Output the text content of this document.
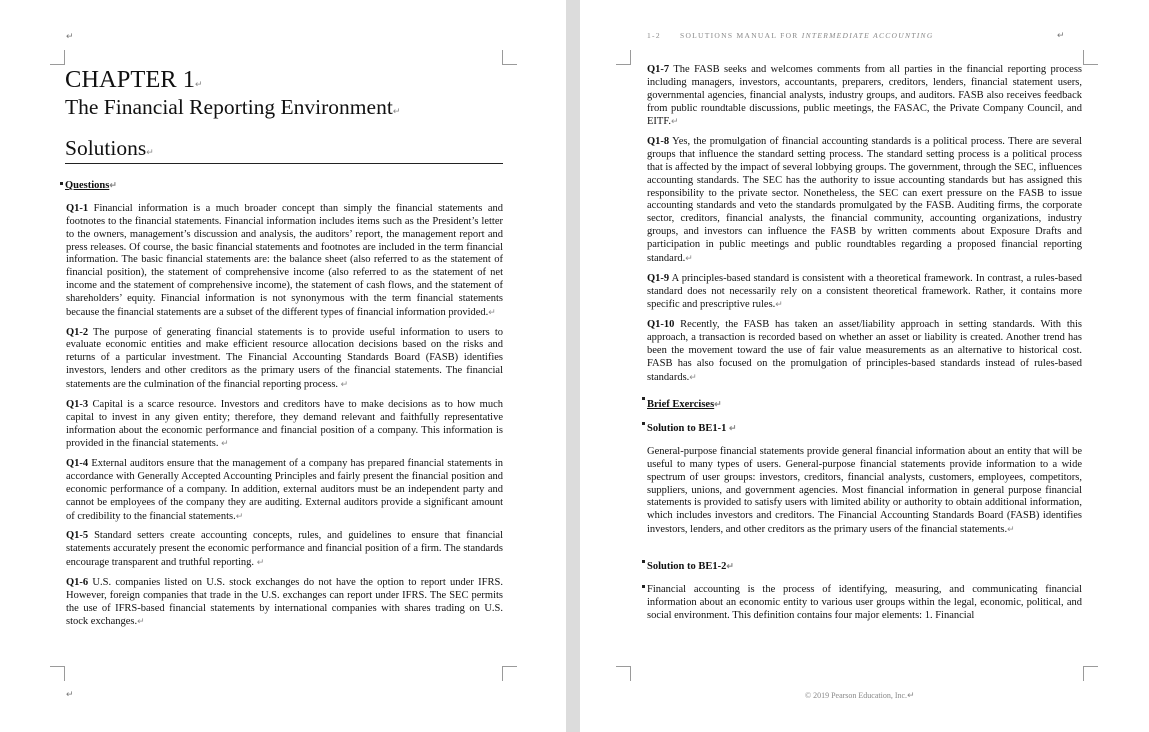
↵
↵
CHAPTER 1↵
The Financial Reporting Environment↵
Solutions↵
Questions↵

Q1-1 Financial information is a much broader concept than simply the financial statements and footnotes to the financial statements. Financial information includes items such as the President’s letter to the owners, management’s discussion and analysis, the auditors’ report, the management report and press releases. Of course, the basic financial statements and footnotes are included in the term financial information. The basic financial statements are: the balance sheet (also referred to as the statement of financial position), the statement of comprehensive income (also referred to as the statement of net income and the statement of comprehensive income), the statement of cash flows, and the statement of shareholders’ equity. Financial information is not synonymous with the term financial statements because the financial statements are a subset of the different types of financial information provided.↵

Q1-2 The purpose of generating financial statements is to provide useful information to users to evaluate economic entities and make efficient resource allocation decisions based on the risks and returns of a particular investment. The Financial Accounting Standards Board (FASB) identifies investors, lenders and other creditors as the primary users of the financial statements. The financial statements are the culmination of the financial reporting process. ↵

Q1-3 Capital is a scarce resource. Investors and creditors have to make decisions as to how much capital to invest in any given entity; therefore, they demand relevant and faithfully representative information about the economic performance and financial position of a company. This information is provided in the financial statements. ↵

Q1-4 External auditors ensure that the management of a company has prepared financial statements in accordance with Generally Accepted Accounting Principles and fairly present the financial position and economic performance of a company. In addition, external auditors must be an independent party and cannot be employees of the company they are auditing. External auditors provide a significant amount of credibility to the financial statements.↵

Q1-5 Standard setters create accounting concepts, rules, and guidelines to ensure that financial statements accurately present the economic performance and financial position of a firm. The standards encourage transparent and truthful reporting. ↵

Q1-6 U.S. companies listed on U.S. stock exchanges do not have the option to report under IFRS. However, foreign companies that trade in the U.S. exchanges can report under IFRS. The SEC permits the use of IFRS-based financial statements by international companies with shares trading on U.S. stock exchanges.↵

1-2	SOLUTIONS MANUAL FOR INTERMEDIATE ACCOUNTING	↵

Q1-7 The FASB seeks and welcomes comments from all parties in the financial reporting process including managers, investors, accountants, preparers, creditors, lenders, financial statement users, governmental agencies, financial analysts, industry groups, and auditors. FASB also receives feedback from public roundtable discussions, public meetings, the FASAC, the Private Company Council, and EITF.↵

Q1-8 Yes, the promulgation of financial accounting standards is a political process. There are several groups that influence the standard setting process. The standard setting process is a political process that is affected by the impact of several lobbying groups. The government, through the SEC, influences accounting standards. The SEC has the authority to issue accounting standards but has assigned this responsibility to the private sector. Nonetheless, the SEC can exert pressure on the FASB to issue accounting standards and veto the standards promulgated by the FASB. Auditing firms, the corporate sector, creditors, financial analysts, the financial community, accounting organizations, industry groups, and investors can influence the FASB by written comments about Exposure Drafts and participation in public meetings and public roundtables regarding a proposed financial reporting standard.↵

Q1-9 A principles-based standard is consistent with a theoretical framework. In contrast, a rules-based standard does not necessarily rely on a consistent theoretical framework. Rather, it contains more specific and prescriptive rules.↵

Q1-10 Recently, the FASB has taken an asset/liability approach in setting standards. With this approach, a transaction is recorded based on whether an asset or liability is created. Another trend has been the movement toward the use of fair value measurements as an alternative to historical cost. FASB has also focused on the promulgation of principles-based standards instead of rules-based standards.↵

Brief Exercises↵
Solution to BE1-1 ↵

General-purpose financial statements provide general financial information about an entity that will be useful to many types of users. General-purpose financial statements provide information to a wide spectrum of user groups: investors, creditors, financial analysts, customers, employees, competitors, suppliers, unions, and government agencies. Most financial information in general purpose financial statements is provided to satisfy users with limited ability or authority to obtain additional information, which includes investors and creditors. The Financial Accounting Standards Board (FASB) identifies investors, lenders, and other creditors as the primary users of the financial statements.↵

Solution to BE1-2↵

Financial accounting is the process of identifying, measuring, and communicating financial information about an economic entity to various user groups within the legal, economic, political, and social environment. This definition contains four major elements: 1. Financial

© 2019 Pearson Education, Inc.↵
